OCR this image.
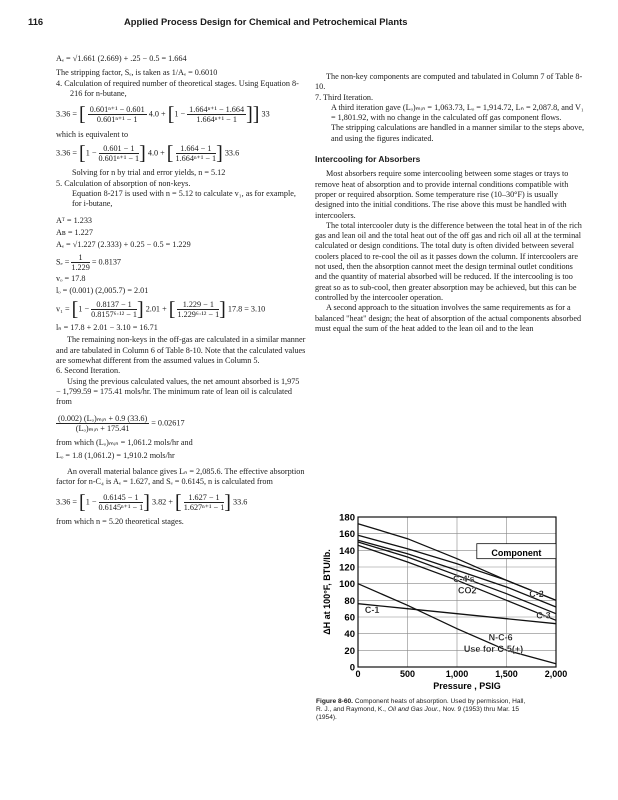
116	Applied Process Design for Chemical and Petrochemical Plants
Aₑ = √1.661 (2.669) + .25 − 0.5 = 1.664
The stripping factor, Sₑ, is taken as 1/Aₑ = 0.6010
4. Calculation of required number of theoretical stages. Using Equation 8-216 for n-butane,
3.36 = [ $\frac{\text{0.601ⁿ⁺¹ − 0.601}}{\text{0.601ⁿ⁺¹ − 1}} 4.0 + [1 - \frac{\text{1.664ⁿ⁺¹ − 1.664}}{\text{1.664ⁿ⁺¹ − 1}}$ ]] 33
which is equivalent to
$3.36 = [1 - \frac{0.601 - 1}{\text{0.601ⁿ⁺¹ − 1}}$ ] 4.0 + [ $\frac{1.664 - 1}{\text{1.664ⁿ⁺¹ − 1}}$ ] 33.6
Solving for n by trial and error yields, n = 5.12
5. Calculation of absorption of non-keys.
Equation 8-217 is used with n = 5.12 to calculate v₁, as for example, for i-butane,
Aᵀ = 1.233
Aʙ = 1.227
Aₑ = √1.227 (2.333) + 0.25 − 0.5 = 1.229
$S_e = \frac{1}{1.229} = 0.8137$
vₒ = 17.8
lₒ = (0.001) (2,005.7) = 2.01
$v_1 = [1 - \frac{0.8137 - 1}{\text{0.8157⁶·¹² − 1}}$ ] 2.01 + [ $\frac{1.229 - 1}{\text{1.229⁶·¹² − 1}}$ ] 17.8 = 3.10
lₙ = 17.8 + 2.01 − 3.10 = 16.71
The remaining non-keys in the off-gas are calculated in a similar manner and are tabulated in Column 6 of Table 8-10. Note that the calculated values are somewhat different from the assumed values in Column 5.
6. Second Iteration.
Using the previous calculated values, the net amount absorbed is 1,975 − 1,799.59 = 175.41 mols/hr. The minimum rate of lean oil is calculated from
$\frac{\text{(0.002) (Lₒ)ₘᵢₙ + 0.9 (33.6)}}{\text{(Lₒ)ₘᵢₙ + 175.41}} = 0.02617$
from which (Lₒ)ₘᵢₙ = 1,061.2 mols/hr and
Lₒ = 1.8 (1,061.2) = 1,910.2 mols/hr
An overall material balance gives Lₙ = 2,085.6. The effective absorption factor for n-C₄ is Aₑ = 1.627, and Sₑ = 0.6145, n is calculated from
$3.36 = [1 - \frac{0.6145 - 1}{\text{0.6145ⁿ⁺¹ − 1}}$ ] 3.82 + [ $\frac{1.627 - 1}{\text{1.627ⁿ⁺¹ − 1}}$ ] 33.6
from which n = 5.20 theoretical stages.
The non-key components are computed and tabulated in Column 7 of Table 8-10.
7. Third Iteration.
A third iteration gave (Lₒ)ₘᵢₙ = 1,063.73, Lₒ = 1,914.72, Lₙ = 2,087.8, and V₁ = 1,801.92, with no change in the calculated off gas component flows.
The stripping calculations are handled in a manner similar to the steps above, and using the figures indicated.
Intercooling for Absorbers
Most absorbers require some intercooling between some stages or trays to remove heat of absorption and to provide internal conditions compatible with proper or required absorption. Some temperature rise (10–30°F) is usually designed into the initial conditions. The rise above this must be handled with intercoolers.
The total intercooler duty is the difference between the total heat in of the rich gas and lean oil and the total heat out of the off gas and rich oil all at the terminal calculated or design conditions. The total duty is often divided between several coolers placed to re-cool the oil as it passes down the column. If intercoolers are not used, then the absorption cannot meet the design terminal outlet conditions and the quantity of material absorbed will be reduced. If the intercooling is too great so as to sub-cool, then greater absorption may be achieved, but this can be controlled by the intercooler operation.
A second approach to the situation involves the same requirements as for a balanced "heat" design; the heat of absorption of the actual components absorbed must equal the sum of the heat added to the lean oil and to the lean
0	500	1,000	1,500	2,000
0
20
40
60
80
100
120
140
160
180
Pressure , PSIG
ΔH at 100°F, BTU/lb.	Component
C-4's
CO2	C-2
C-1
C-3
N-C-6
Use for C-5(+)
Figure 8-60. Component heats of absorption. Used by permission, Hall, R. J., and Raymond, K., Oil and Gas Jour., Nov. 9 (1953) thru Mar. 15 (1954).
